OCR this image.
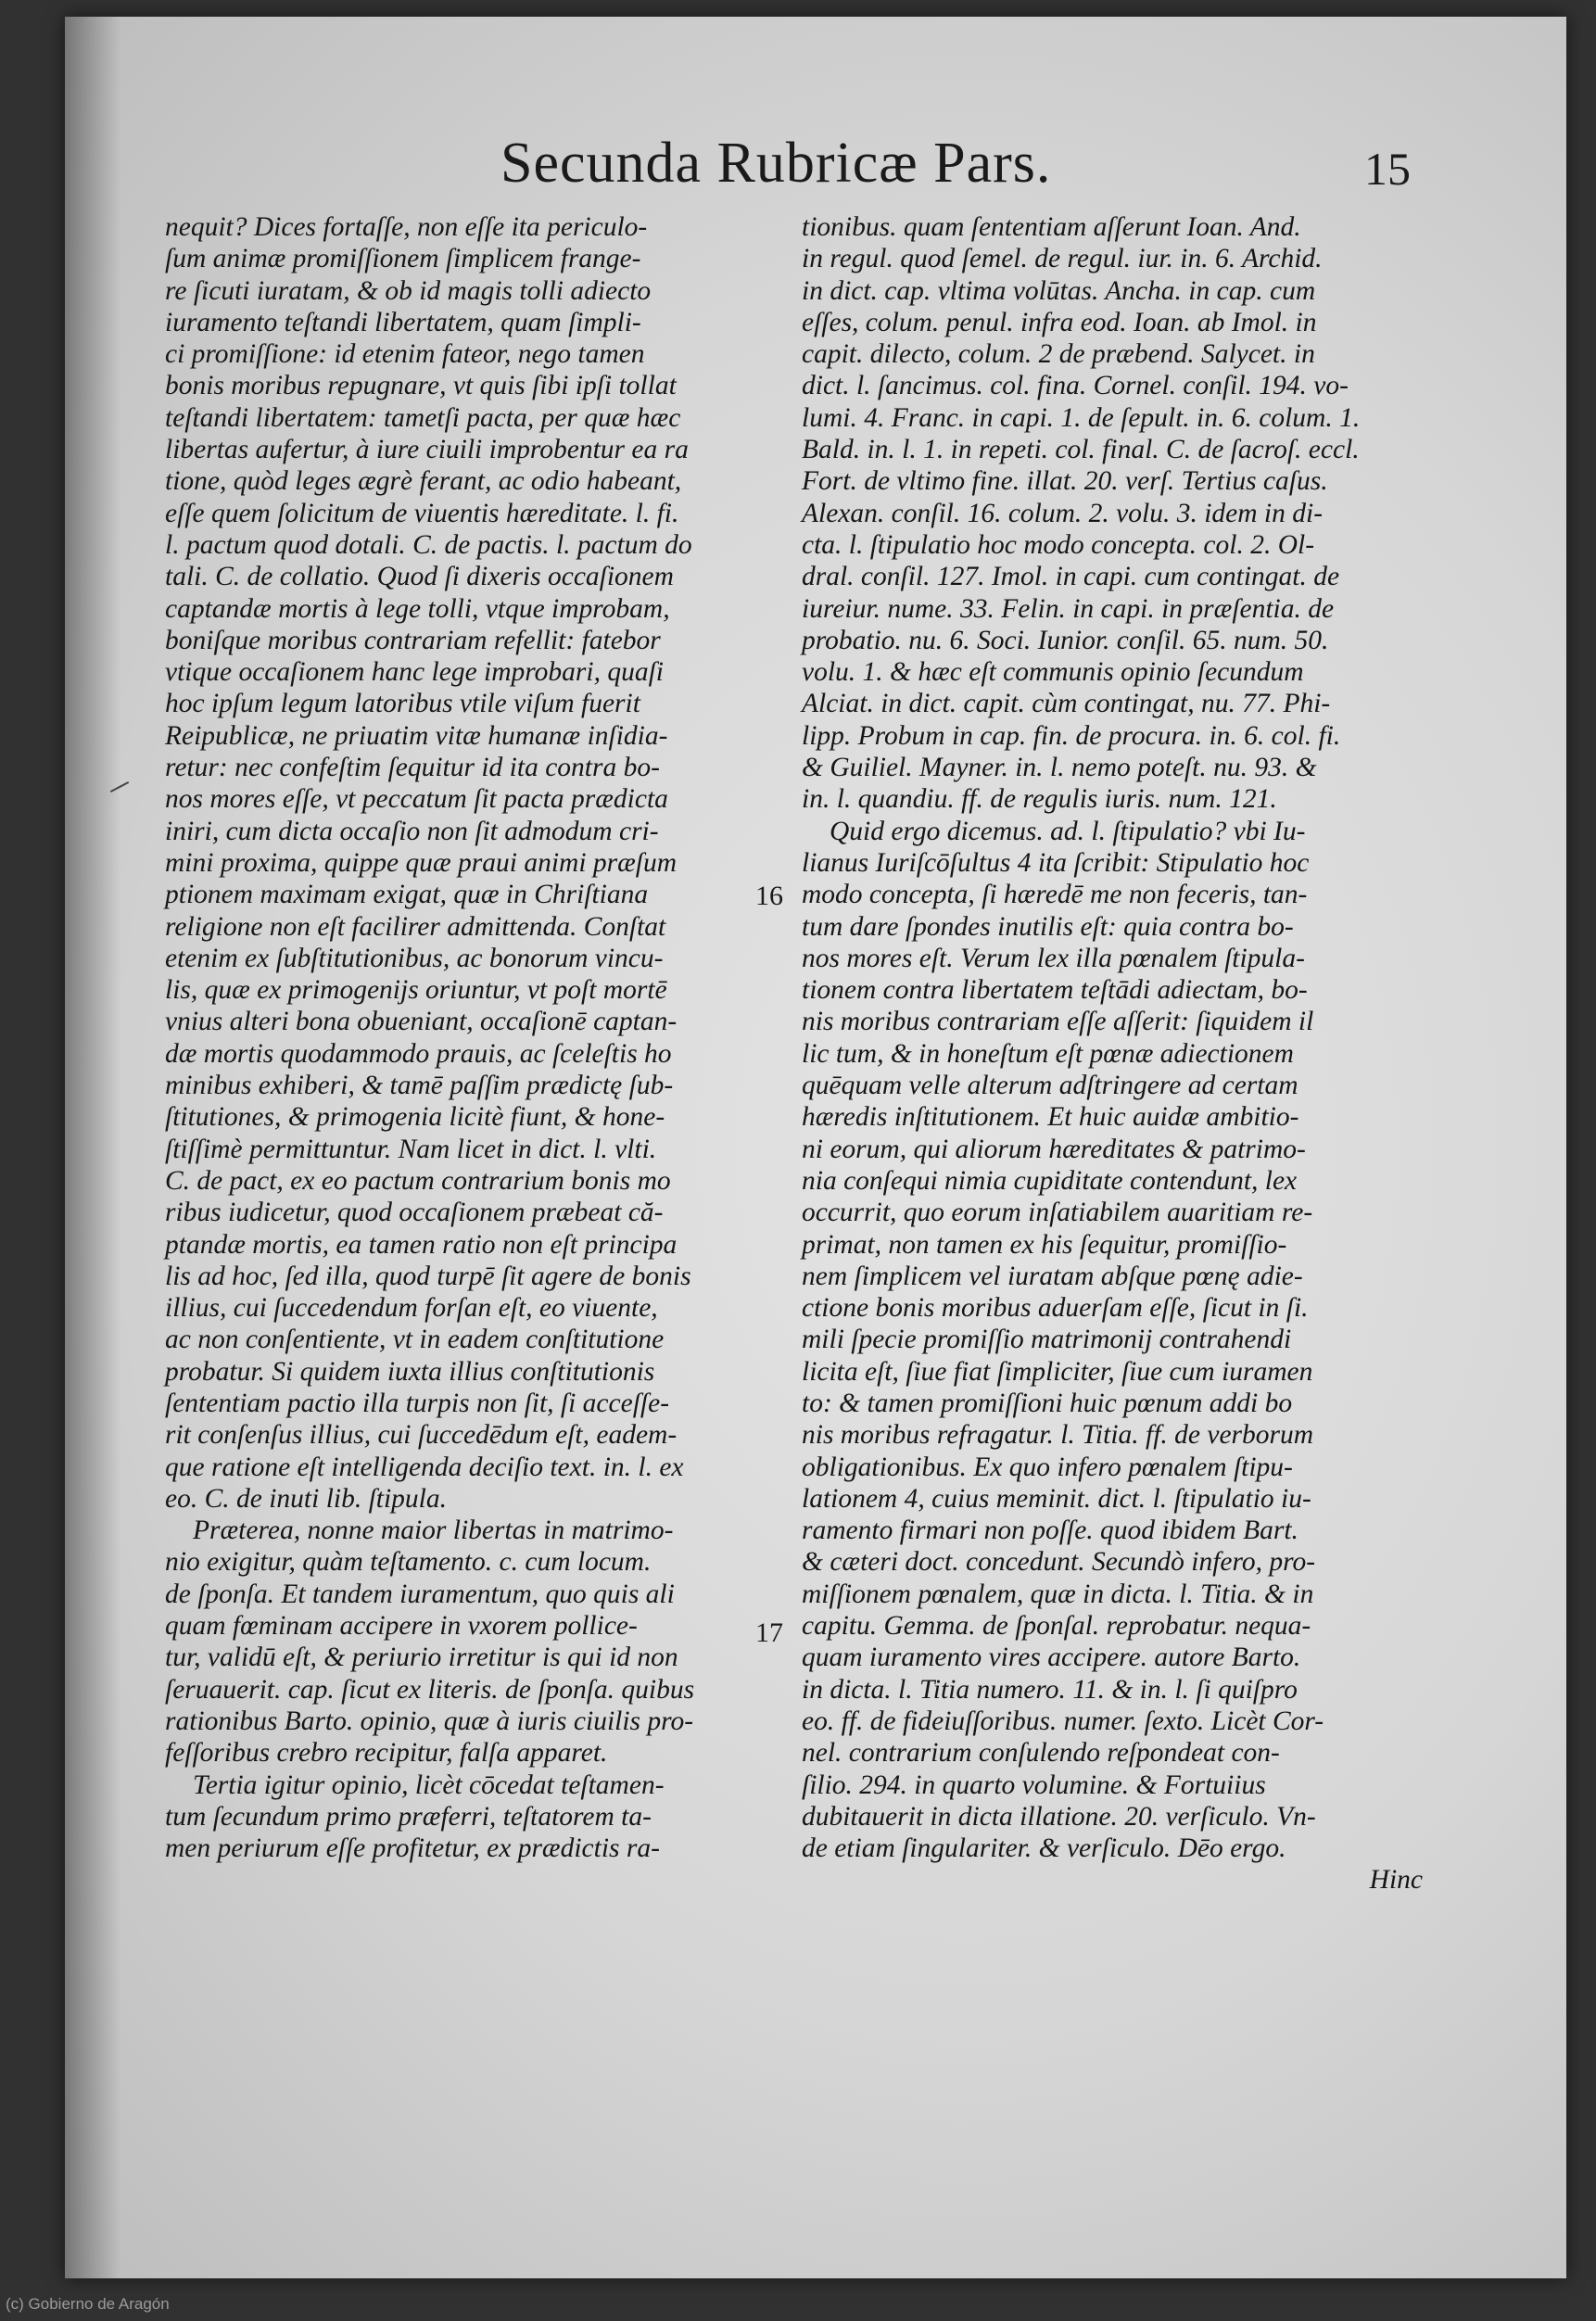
Secunda Rubricæ Pars.	15
nequit? Dices fortaſſe, non eſſe ita periculo-
ſum animæ promiſſionem ſimplicem frange-
re ſicuti iuratam, & ob id magis tolli adiecto
iuramento teſtandi libertatem, quam ſimpli-
ci promiſſione: id etenim fateor, nego tamen
bonis moribus repugnare, vt quis ſibi ipſi tollat
teſtandi libertatem: tametſi pacta, per quæ hæc
libertas aufertur, à iure ciuili improbentur ea ra
tione, quòd leges ægrè ferant, ac odio habeant,
eſſe quem ſolicitum de viuentis hæreditate. l. fi.
l. pactum quod dotali. C. de pactis. l. pactum do
tali. C. de collatio. Quod ſi dixeris occaſionem
captandæ mortis à lege tolli, vtque improbam,
boniſque moribus contrariam refellit: fatebor
vtique occaſionem hanc lege improbari, quaſi
hoc ipſum legum latoribus vtile viſum fuerit
Reipublicæ, ne priuatim vitæ humanæ inſidia-
retur: nec confeſtim ſequitur id ita contra bo-
nos mores eſſe, vt peccatum ſit pacta prædicta
iniri, cum dicta occaſio non ſit admodum cri-
mini proxima, quippe quæ praui animi præſum
ptionem maximam exigat, quæ in Chriſtiana
religione non eſt facilirer admittenda. Conſtat
etenim ex ſubſtitutionibus, ac bonorum vincu-
lis, quæ ex primogenijs oriuntur, vt poſt mortē
vnius alteri bona obueniant, occaſionē captan-
dæ mortis quodammodo prauis, ac ſceleſtis ho
minibus exhiberi, & tamē paſſim prædictę ſub-
ſtitutiones, & primogenia licitè fiunt, & hone-
ſtiſſimè permittuntur. Nam licet in dict. l. vlti.
C. de pact, ex eo pactum contrarium bonis mo
ribus iudicetur, quod occaſionem præbeat că-
ptandæ mortis, ea tamen ratio non eſt principa
lis ad hoc, ſed illa, quod turpē ſit agere de bonis
illius, cui ſuccedendum forſan eſt, eo viuente,
ac non conſentiente, vt in eadem conſtitutione
probatur. Si quidem iuxta illius conſtitutionis
ſententiam pactio illa turpis non ſit, ſi acceſſe-
rit conſenſus illius, cui ſuccedēdum eſt, eadem-
que ratione eſt intelligenda deciſio text. in. l. ex
eo. C. de inuti lib. ſtipula.
Præterea, nonne maior libertas in matrimo-
nio exigitur, quàm teſtamento. c. cum locum.
de ſponſa. Et tandem iuramentum, quo quis ali
quam fœminam accipere in vxorem pollice-
tur, validū eſt, & periurio irretitur is qui id non
ſeruauerit. cap. ſicut ex literis. de ſponſa. quibus
rationibus Barto. opinio, quæ à iuris ciuilis pro-
feſſoribus crebro recipitur, falſa apparet.
Tertia igitur opinio, licèt cōcedat teſtamen-
tum ſecundum primo præferri, teſtatorem ta-
men periurum eſſe profitetur, ex prædictis ra-
tionibus. quam ſententiam aſſerunt Ioan. And.
in regul. quod ſemel. de regul. iur. in. 6. Archid.
in dict. cap. vltima volūtas. Ancha. in cap. cum
eſſes, colum. penul. infra eod. Ioan. ab Imol. in
capit. dilecto, colum. 2 de præbend. Salycet. in
dict. l. ſancimus. col. fina. Cornel. conſil. 194. vo-
lumi. 4. Franc. in capi. 1. de ſepult. in. 6. colum. 1.
Bald. in. l. 1. in repeti. col. final. C. de ſacroſ. eccl.
Fort. de vltimo fine. illat. 20. verſ. Tertius caſus.
Alexan. conſil. 16. colum. 2. volu. 3. idem in di-
cta. l. ſtipulatio hoc modo concepta. col. 2. Ol-
dral. conſil. 127. Imol. in capi. cum contingat. de
iureiur. nume. 33. Felin. in capi. in præſentia. de
probatio. nu. 6. Soci. Iunior. conſil. 65. num. 50.
volu. 1. & hæc eſt communis opinio ſecundum
Alciat. in dict. capit. cùm contingat, nu. 77. Phi-
lipp. Probum in cap. fin. de procura. in. 6. col. fi.
& Guiliel. Mayner. in. l. nemo poteſt. nu. 93. &
in. l. quandiu. ff. de regulis iuris. num. 121.
Quid ergo dicemus. ad. l. ſtipulatio? vbi Iu-
lianus Iuriſcōſultus 4 ita ſcribit: Stipulatio hoc
modo concepta, ſi hæredē me non feceris, tan-
tum dare ſpondes inutilis eſt: quia contra bo-
nos mores eſt. Verum lex illa pœnalem ſtipula-
tionem contra libertatem teſtādi adiectam, bo-
nis moribus contrariam eſſe aſſerit: ſiquidem il
lic tum, & in honeſtum eſt pœnæ adiectionem
quēquam velle alterum adſtringere ad certam
hæredis inſtitutionem. Et huic auidæ ambitio-
ni eorum, qui aliorum hæreditates & patrimo-
nia conſequi nimia cupiditate contendunt, lex
occurrit, quo eorum inſatiabilem auaritiam re-
primat, non tamen ex his ſequitur, promiſſio-
nem ſimplicem vel iuratam abſque pœnę adie-
ctione bonis moribus aduerſam eſſe, ſicut in ſi.
mili ſpecie promiſſio matrimonij contrahendi
licita eſt, ſiue fiat ſimpliciter, ſiue cum iuramen
to: & tamen promiſſioni huic pœnum addi bo
nis moribus refragatur. l. Titia. ff. de verborum
obligationibus. Ex quo infero pœnalem ſtipu-
lationem 4, cuius meminit. dict. l. ſtipulatio iu-
ramento firmari non poſſe. quod ibidem Bart.
& cæteri doct. concedunt. Secundò infero, pro-
miſſionem pœnalem, quæ in dicta. l. Titia. & in
capitu. Gemma. de ſponſal. reprobatur. nequa-
quam iuramento vires accipere. autore Barto.
in dicta. l. Titia numero. 11. & in. l. ſi quiſpro
eo. ff. de fideiuſſoribus. numer. ſexto. Licèt Cor-
nel. contrarium conſulendo reſpondeat con-
ſilio. 294. in quarto volumine. & Fortuiius
dubitauerit in dicta illatione. 20. verſiculo. Vn-
de etiam ſingulariter. & verſiculo. Dēo ergo.
Hinc
16
17
(c) Gobierno de Aragón
